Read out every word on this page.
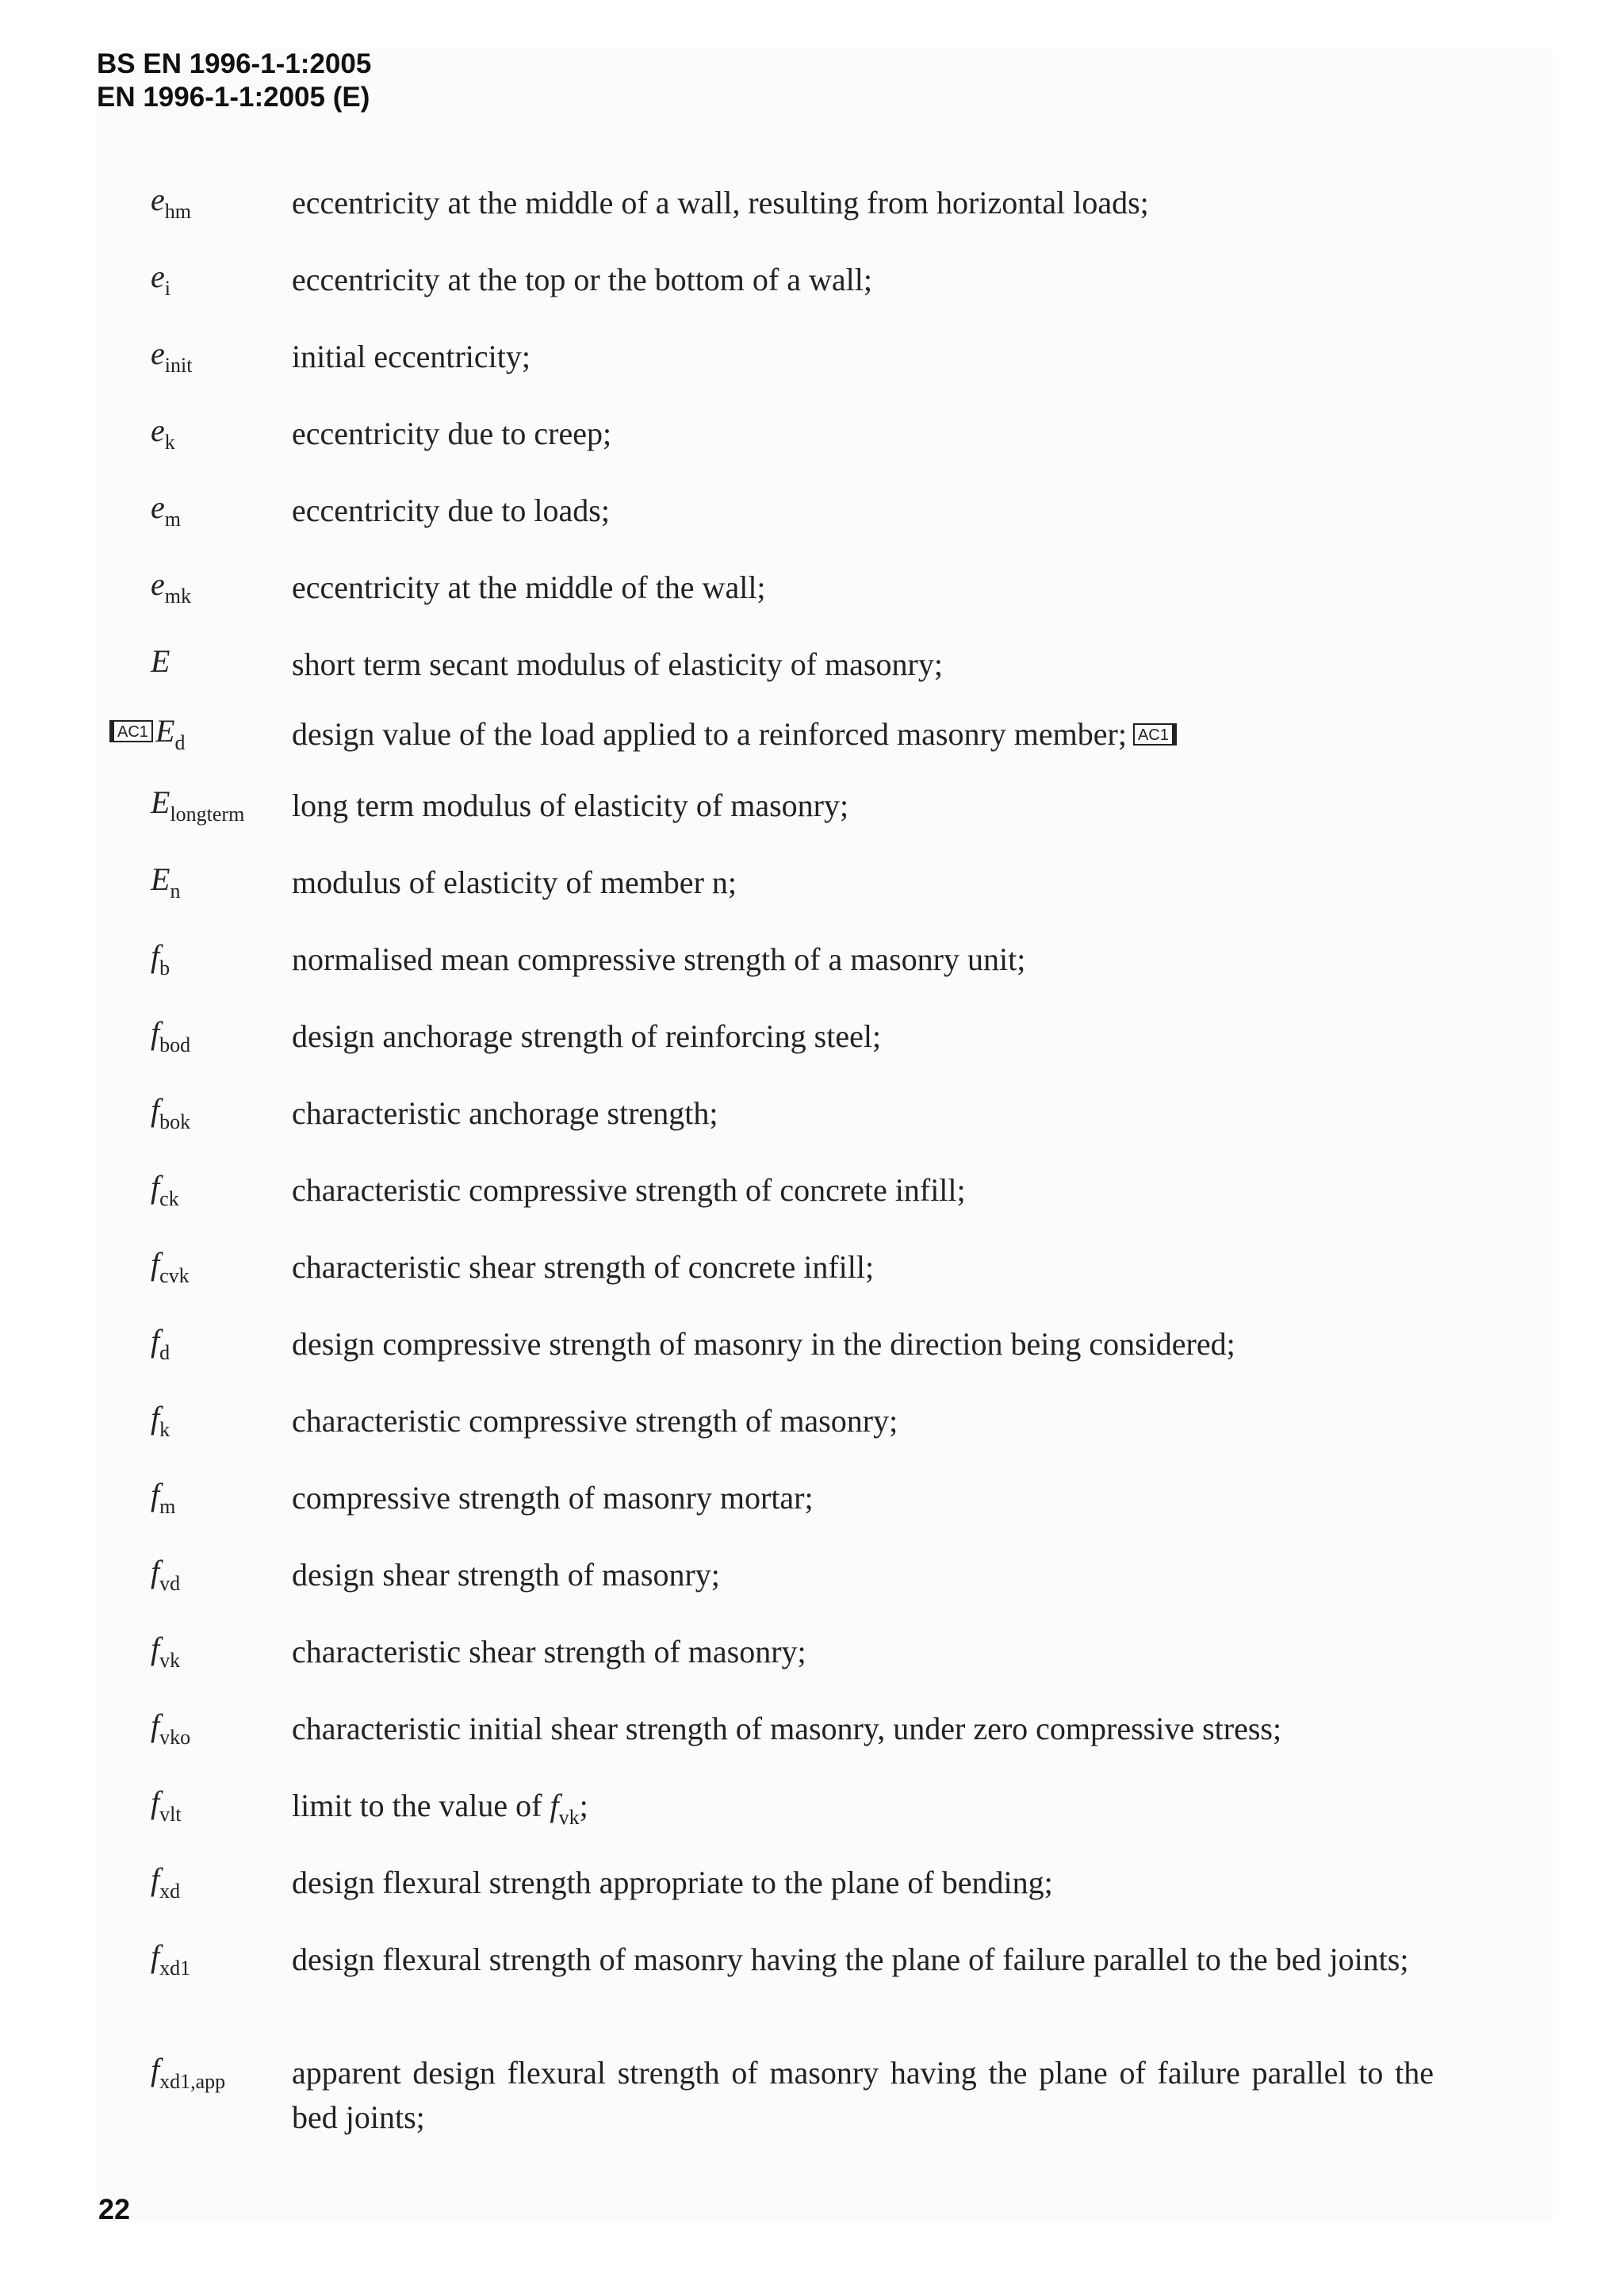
BS EN 1996-1-1:2005
EN 1996-1-1:2005 (E)
$e_{hm}$	eccentricity at the middle of a wall, resulting from horizontal loads;
$e_i$	eccentricity at the top or the bottom of a wall;
$e_{init}$	initial eccentricity;
$e_k$	eccentricity due to creep;
$e_m$	eccentricity due to loads;
$e_{mk}$	eccentricity at the middle of the wall;
E	short term secant modulus of elasticity of masonry;
AC1 $E_d$	design value of the load applied to a reinforced masonry member; AC1
$E_{longterm}$ long term modulus of elasticity of masonry;
$E_n$	modulus of elasticity of member n;
$f_b$	normalised mean compressive strength of a masonry unit;
$f_{bod}$	design anchorage strength of reinforcing steel;
$f_{bok}$	characteristic anchorage strength;
$f_{ck}$	characteristic compressive strength of concrete infill;
$f_{cvk}$	characteristic shear strength of concrete infill;
$f_d$	design compressive strength of masonry in the direction being considered;
$f_k$	characteristic compressive strength of masonry;
$f_m$	compressive strength of masonry mortar;
$f_{vd}$	design shear strength of masonry;
$f_{vk}$	characteristic shear strength of masonry;
$f_{vko}$	characteristic initial shear strength of masonry, under zero compressive stress;
$f_{vlt}$	limit to the value of $f_{vk}$;
$f_{xd}$	design flexural strength appropriate to the plane of bending;
$f_{xd1}$	design flexural strength of masonry having the plane of failure parallel to the bed joints;
$f_{xd1,app}$ apparent design flexural strength of masonry having the plane of failure parallel to the bed joints;
22
